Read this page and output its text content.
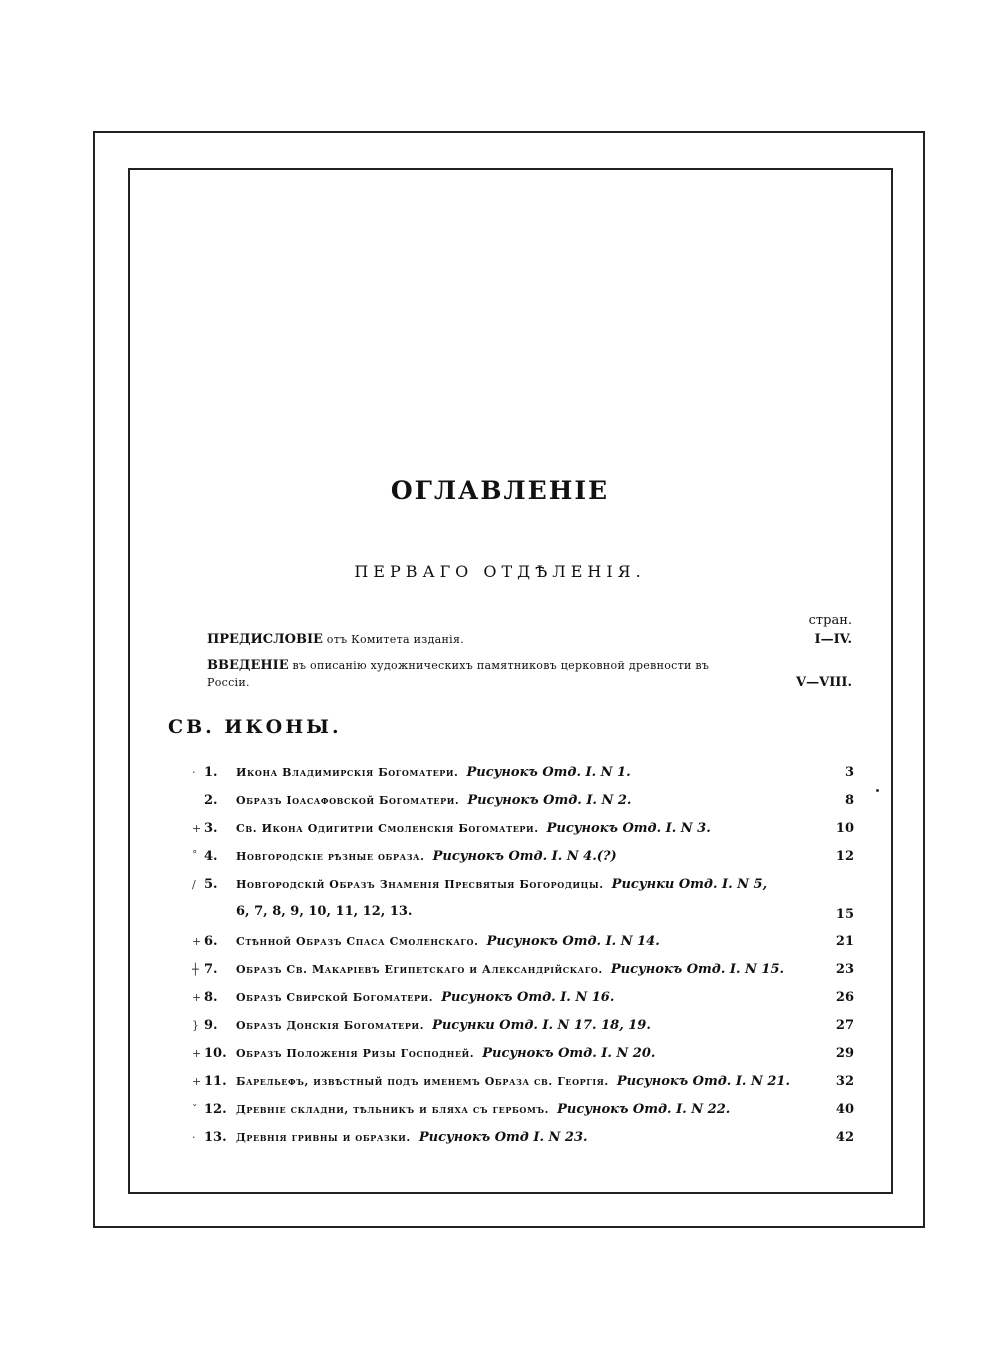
ОГЛАВЛЕНІЕ
ПЕРВАГО ОТДѢЛЕНІЯ.
стран.
ПРЕДИСЛОВІЕ отъ Комитета изданія.	I—IV.
ВВЕДЕНІЕ въ описанію художническихъ памятниковъ церковной древности въ
Россіи.	V—VIII.
СВ. ИКОНЫ.
· 1. Икона Владимирскія Богоматери. Рисунокъ Отд. I. N 1.	3
2. Образъ Іоасафовской Богоматери. Рисунокъ Отд. I. N 2.	8
+ 3. Св. Икона Одигитріи Смоленскія Богоматери. Рисунокъ Отд. I. N 3.	10
˚ 4. Новгородскіе рѣзные образа. Рисунокъ Отд. I. N 4.(?)	12
/ 5. Новгородскій Образъ Знаменія Пресвятыя Богородицы. Рисунки Отд. I. N 5,
6, 7, 8, 9, 10, 11, 12, 13.	15
+ 6. Стѣнной Образъ Спаса Смоленскаго. Рисунокъ Отд. I. N 14.	21
┼ 7. Образъ Св. Макаріевъ Египетскаго и Александрійскаго. Рисунокъ Отд. I. N 15.	23
+ 8. Образъ Свирской Богоматери. Рисунокъ Отд. I. N 16.	26
} 9. Образъ Донскія Богоматери. Рисунки Отд. I. N 17. 18, 19.	27
+ 10. Образъ Положенія Ризы Господней. Рисунокъ Отд. I. N 20.	29
+ 11. Барельефъ, извѣстный подъ именемъ Образа св. Георгія. Рисунокъ Отд. I. N 21.	32
ˇ 12. Древніе складни, тѣльникъ и бляха съ гербомъ. Рисунокъ Отд. I. N 22.	40
· 13. Древнія гривны и образки. Рисунокъ Отд I. N 23.	42
